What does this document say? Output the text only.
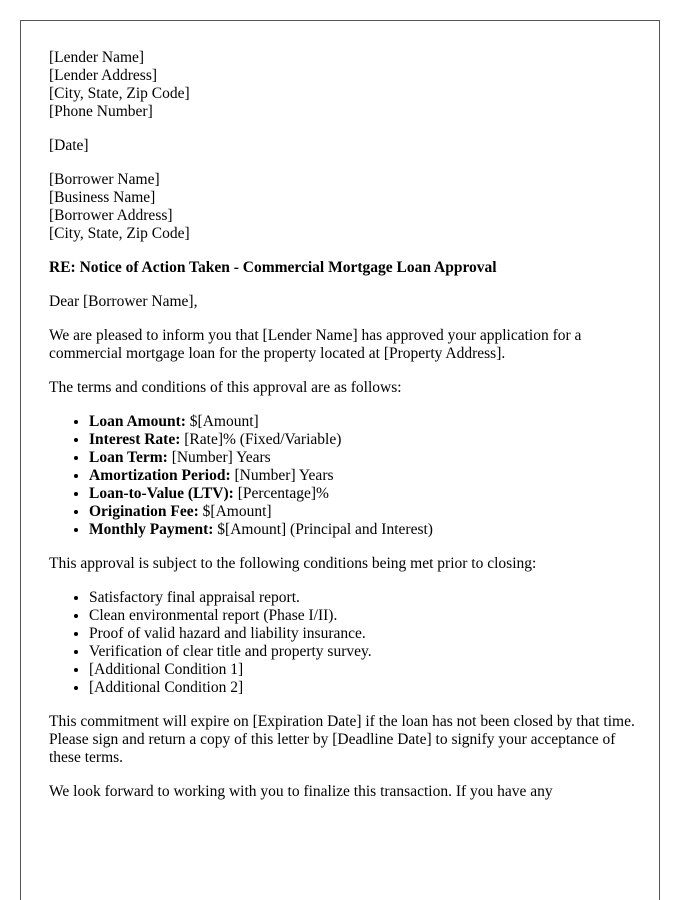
[Lender Name]
[Lender Address]
[City, State, Zip Code]
[Phone Number]
[Date]
[Borrower Name]
[Business Name]
[Borrower Address]
[City, State, Zip Code]

RE: Notice of Action Taken - Commercial Mortgage Loan Approval

Dear [Borrower Name],

We are pleased to inform you that [Lender Name] has approved your application for a commercial mortgage loan for the property located at [Property Address].

The terms and conditions of this approval are as follows:

• Loan Amount: $[Amount]
• Interest Rate: [Rate]% (Fixed/Variable)
• Loan Term: [Number] Years
• Amortization Period: [Number] Years
• Loan-to-Value (LTV): [Percentage]%
• Origination Fee: $[Amount]
• Monthly Payment: $[Amount] (Principal and Interest)

This approval is subject to the following conditions being met prior to closing:

• Satisfactory final appraisal report.
• Clean environmental report (Phase I/II).
• Proof of valid hazard and liability insurance.
• Verification of clear title and property survey.
• [Additional Condition 1]
• [Additional Condition 2]

This commitment will expire on [Expiration Date] if the loan has not been closed by that time. Please sign and return a copy of this letter by [Deadline Date] to signify your acceptance of these terms.

We look forward to working with you to finalize this transaction. If you have any
